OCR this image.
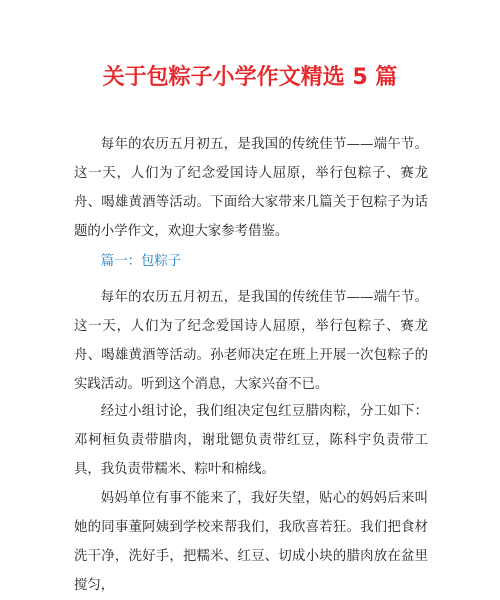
关于包粽子小学作文精选 5 篇

每年的农历五月初五，是我国的传统佳节——端午节。这一天，人们为了纪念爱国诗人屈原，举行包粽子、赛龙舟、喝雄黄酒等活动。下面给大家带来几篇关于包粽子为话题的小学作文，欢迎大家参考借鉴。

篇一：包粽子

每年的农历五月初五，是我国的传统佳节——端午节。这一天，人们为了纪念爱国诗人屈原，举行包粽子、赛龙舟、喝雄黄酒等活动。孙老师决定在班上开展一次包粽子的实践活动。听到这个消息，大家兴奋不已。

经过小组讨论，我们组决定包红豆腊肉粽，分工如下：邓柯桓负责带腊肉，谢玭锶负责带红豆，陈科宇负责带工具，我负责带糯米、粽叶和棉线。

妈妈单位有事不能来了，我好失望，贴心的妈妈后来叫她的同事董阿姨到学校来帮我们，我欣喜若狂。我们把食材洗干净，洗好手，把糯米、红豆、切成小块的腊肉放在盆里搅匀，
